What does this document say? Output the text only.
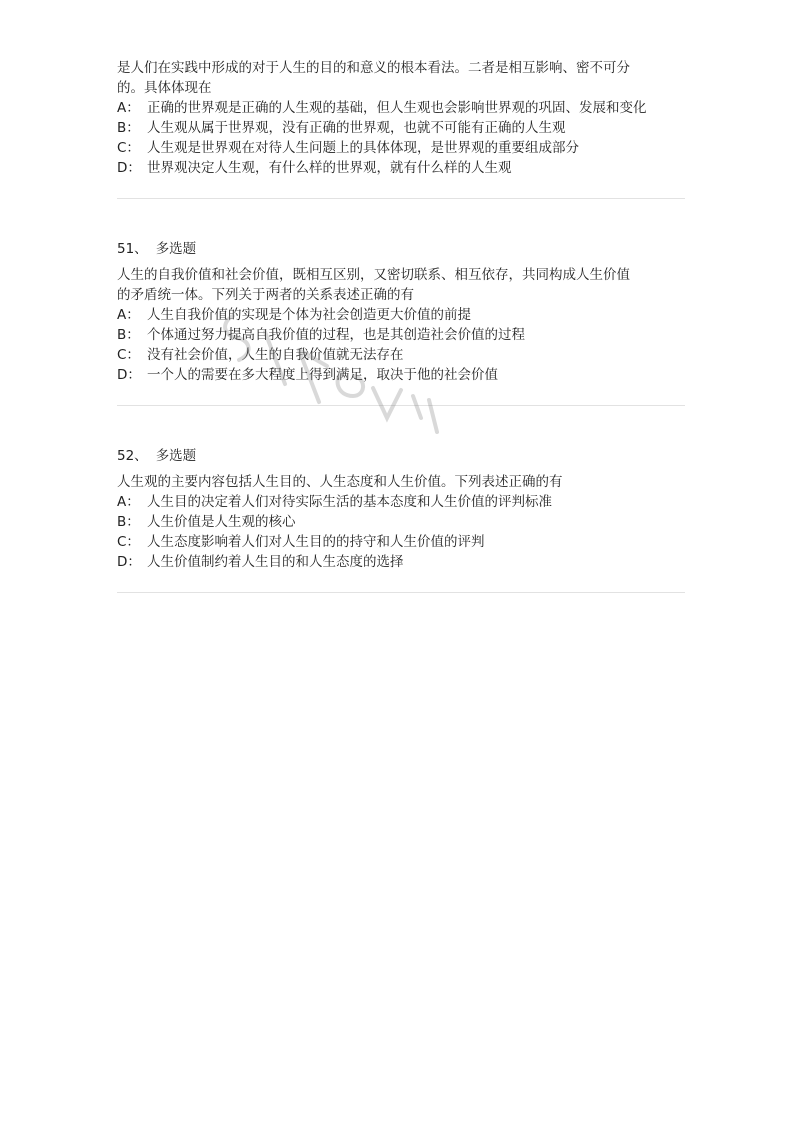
是人们在实践中形成的对于人生的目的和意义的根本看法。二者是相互影响、密不可分
的。具体体现在
A： 正确的世界观是正确的人生观的基础，但人生观也会影响世界观的巩固、发展和变化
B： 人生观从属于世界观，没有正确的世界观，也就不可能有正确的人生观
C： 人生观是世界观在对待人生问题上的具体体现，是世界观的重要组成部分
D： 世界观决定人生观，有什么样的世界观，就有什么样的人生观
51、 多选题
人生的自我价值和社会价值，既相互区别，又密切联系、相互依存，共同构成人生价值
的矛盾统一体。下列关于两者的关系表述正确的有
A： 人生自我价值的实现是个体为社会创造更大价值的前提
B： 个体通过努力提高自我价值的过程，也是其创造社会价值的过程
C： 没有社会价值，人生的自我价值就无法存在
D： 一个人的需要在多大程度上得到满足，取决于他的社会价值
52、 多选题
人生观的主要内容包括人生目的、人生态度和人生价值。下列表述正确的有
A： 人生目的决定着人们对待实际生活的基本态度和人生价值的评判标准
B： 人生价值是人生观的核心
C： 人生态度影响着人们对人生目的的持守和人生价值的评判
D： 人生价值制约着人生目的和人生态度的选择
